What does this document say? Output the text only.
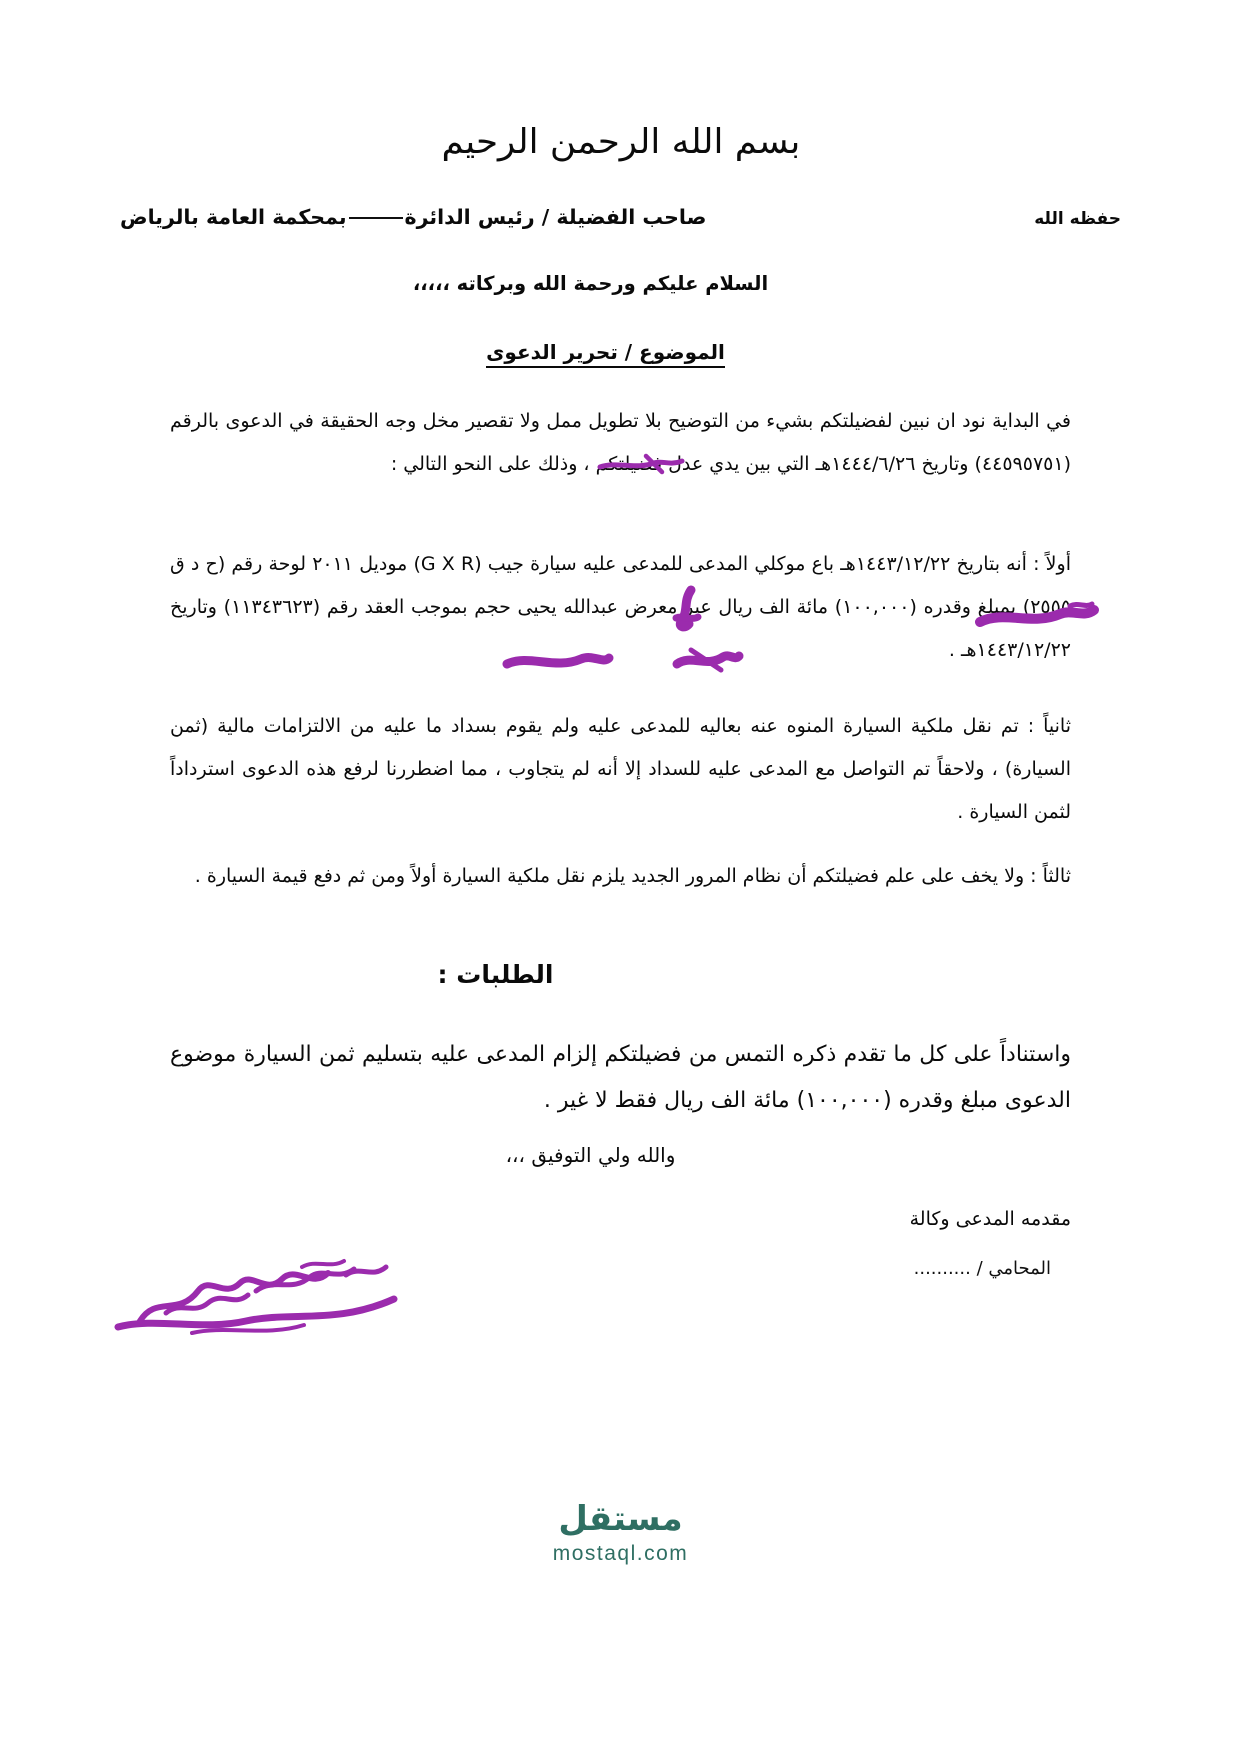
بسم الله الرحمن الرحيم
صاحب الفضيلة / رئيس الدائرةبمحكمة العامة بالرياض	حفظه الله
السلام عليكم ورحمة الله وبركاته ،،،،،
الموضوع / تحرير الدعوى
في البداية نود ان نبين لفضيلتكم بشيء من التوضيح بلا تطويل ممل ولا تقصير مخل وجه الحقيقة في الدعوى بالرقم (٤٤٥٩٥٧٥١) وتاريخ ١٤٤٤/٦/٢٦هـ التي بين يدي عدل فضيلتكم ، وذلك على النحو التالي :
أولاً : أنه بتاريخ ١٤٤٣/١٢/٢٢هـ باع موكلي المدعى للمدعى عليه سيارة جيب (G X R) موديل ٢٠١١ لوحة رقم (ح د ق ٢٥٥٥) بمبلغ وقدره (١٠٠,٠٠٠) مائة الف ريال عبر معرض عبدالله يحيى حجم بموجب العقد رقم (١١٣٤٣٦٢٣) وتاريخ ١٤٤٣/١٢/٢٢هـ .
ثانياً : تم نقل ملكية السيارة المنوه عنه بعاليه للمدعى عليه ولم يقوم بسداد ما عليه من الالتزامات مالية (ثمن السيارة) ، ولاحقاً تم التواصل مع المدعى عليه للسداد إلا أنه لم يتجاوب ، مما اضطررنا لرفع هذه الدعوى استرداداً لثمن السيارة .
ثالثاً : ولا يخف على علم فضيلتكم أن نظام المرور الجديد يلزم نقل ملكية السيارة أولاً ومن ثم دفع قيمة السيارة .
الطلبات :
واستناداً على كل ما تقدم ذكره التمس من فضيلتكم إلزام المدعى عليه بتسليم ثمن السيارة موضوع الدعوى مبلغ وقدره (١٠٠,٠٠٠) مائة الف ريال فقط لا غير .
والله ولي التوفيق ،،،
مقدمه المدعى وكالة
المحامي / ..........
مستقل
mostaql.com
